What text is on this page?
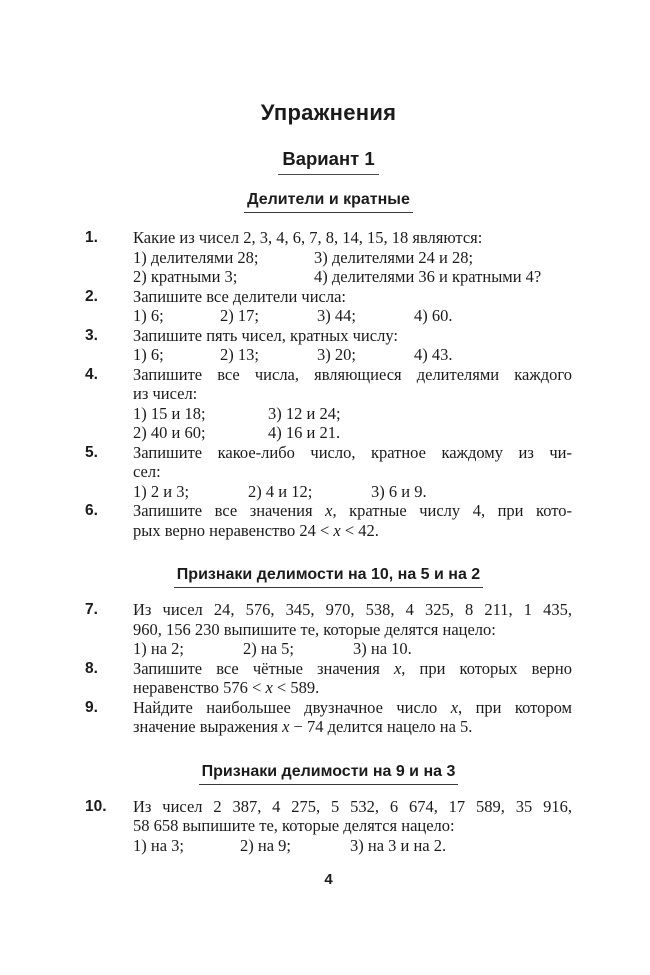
Упражнения
Вариант 1
Делители и кратные
1.	Какие из чисел 2, 3, 4, 6, 7, 8, 14, 15, 18 являются:
1) делителями 28;	3) делителями 24 и 28;
2) кратными 3;	4) делителями 36 и кратными 4?
2.	Запишите все делители числа:
1) 6;	2) 17;	3) 44;	4) 60.
3.	Запишите пять чисел, кратных числу:
1) 6;	2) 13;	3) 20;	4) 43.
4.	Запишите все числа, являющиеся делителями каждого
из чисел:
1) 15 и 18;	3) 12 и 24;
2) 40 и 60;	4) 16 и 21.
5.	Запишите какое-либо число, кратное каждому из чи-
сел:
1) 2 и 3;	2) 4 и 12;	3) 6 и 9.
6.	Запишите все значения x, кратные числу 4, при кото-
рых верно неравенство 24 < x < 42.
Признаки делимости на 10, на 5 и на 2
7.	Из чисел 24, 576, 345, 970, 538, 4 325, 8 211, 1 435,
960, 156 230 выпишите те, которые делятся нацело:
1) на 2;	2) на 5;	3) на 10.
8.	Запишите все чётные значения x, при которых верно
неравенство 576 < x < 589.
9.	Найдите наибольшее двузначное число x, при котором
значение выражения x − 74 делится нацело на 5.
Признаки делимости на 9 и на 3
10.	Из чисел 2 387, 4 275, 5 532, 6 674, 17 589, 35 916,
58 658 выпишите те, которые делятся нацело:
1) на 3;	2) на 9;	3) на 3 и на 2.
4
